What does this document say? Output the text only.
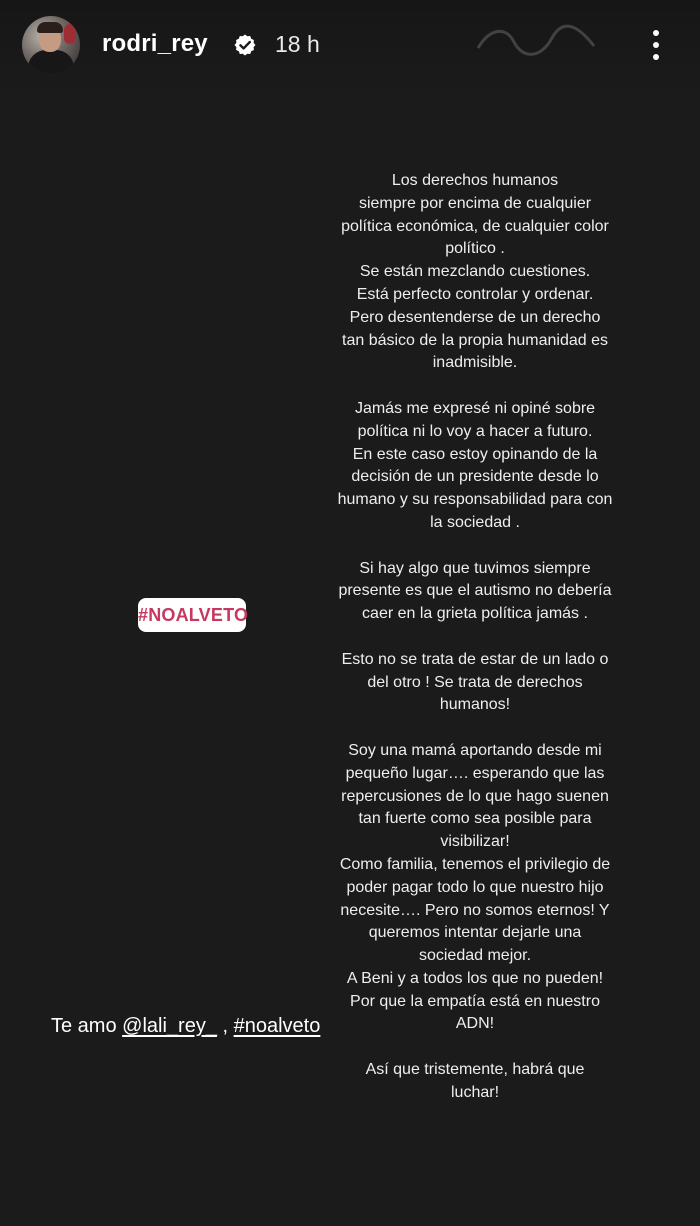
rodri_rey	18 h
Los derechos humanos
siempre por encima de cualquier
política económica, de cualquier color
político .
Se están mezclando cuestiones.
Está perfecto controlar y ordenar.
Pero desentenderse de un derecho
tan básico de la propia humanidad es
inadmisible.

Jamás me expresé ni opiné sobre
política ni lo voy a hacer a futuro.
En este caso estoy opinando de la
decisión de un presidente desde lo
humano y su responsabilidad para con
la sociedad .

Si hay algo que tuvimos siempre
presente es que el autismo no debería
caer en la grieta política jamás .

Esto no se trata de estar de un lado o
del otro ! Se trata de derechos
humanos!

Soy una mamá aportando desde mi
pequeño lugar…. esperando que las
repercusiones de lo que hago suenen
tan fuerte como sea posible para
visibilizar!
Como familia, tenemos el privilegio de
poder pagar todo lo que nuestro hijo
necesite…. Pero no somos eternos! Y
queremos intentar dejarle una
sociedad mejor.
A Beni y a todos los que no pueden!
Por que la empatía está en nuestro
ADN!

Así que tristemente, habrá que
luchar!
#NOALVETO
Te amo @lali_rey_ , #noalveto
